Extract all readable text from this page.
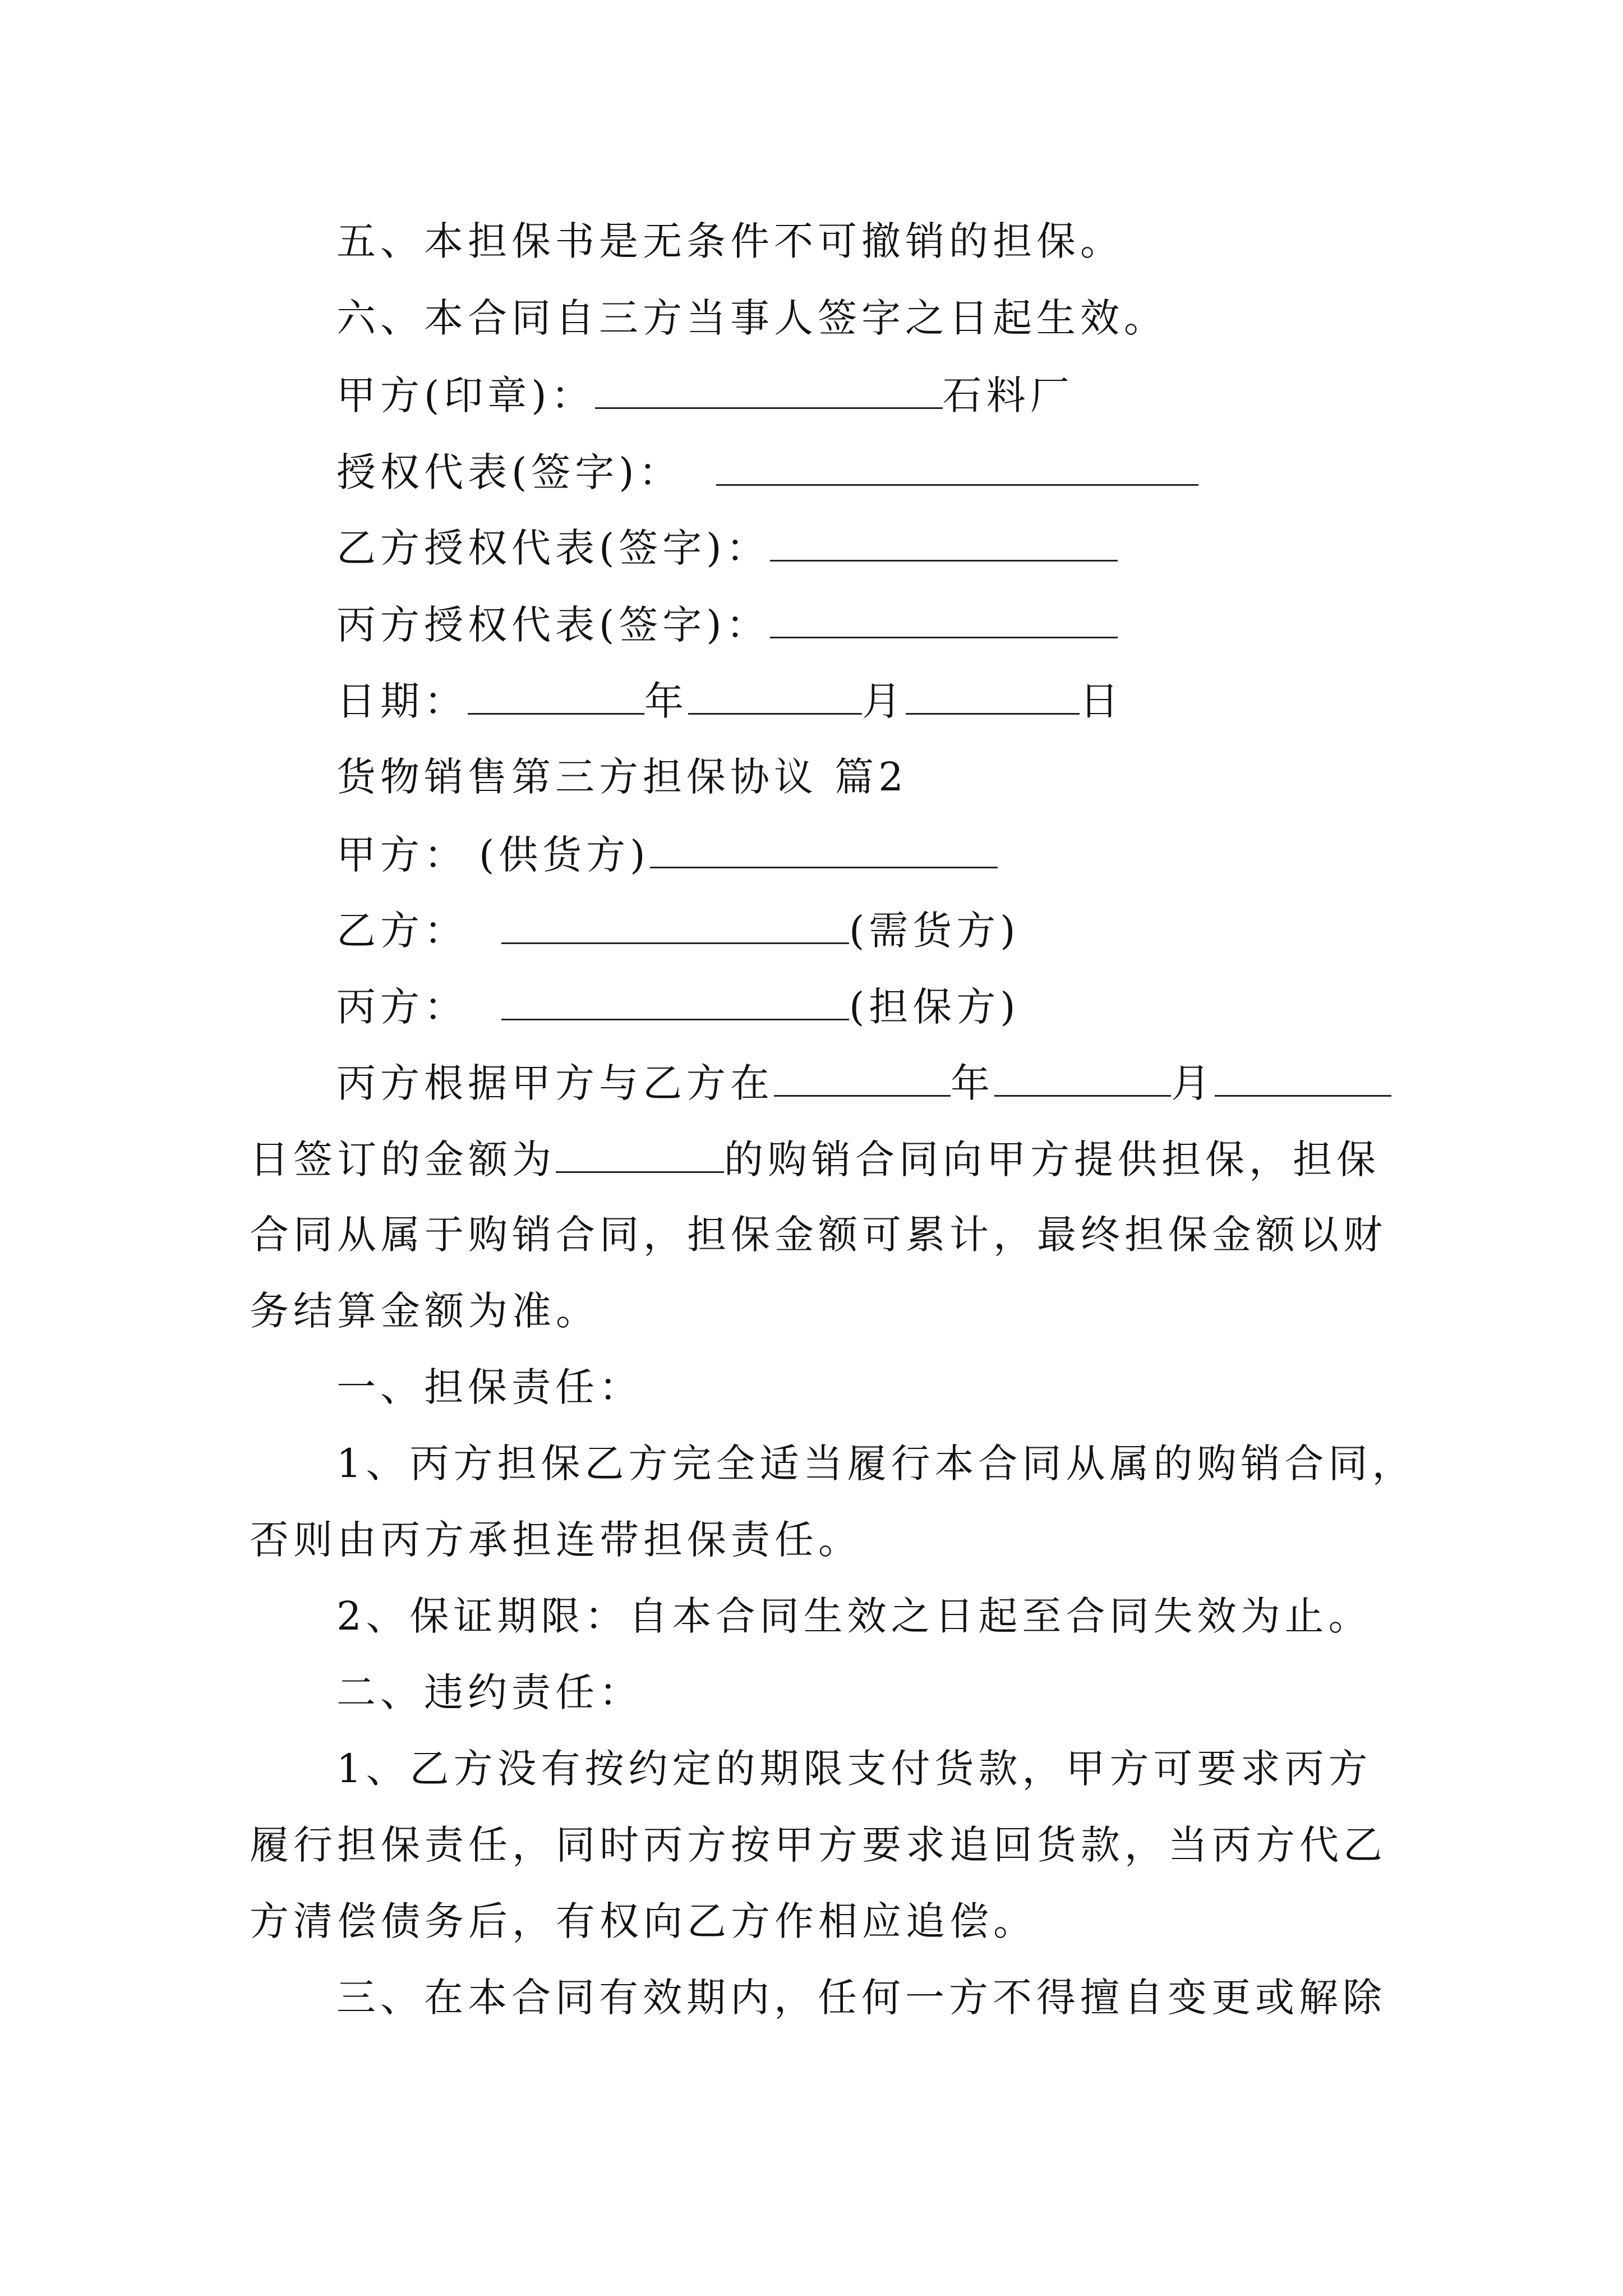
五、本担保书是无条件不可撤销的担保。
六、本合同自三方当事人签字之日起生效。
甲方(印章)：	石料厂
授权代表(签字)：
乙方授权代表(签字)：
丙方授权代表(签字)：
日期：	年	月	日
货物销售第三方担保协议 篇2
甲方： (供货方)
乙方：	(需货方)
丙方：	(担保方)
丙方根据甲方与乙方在	年	月
日签订的金额为	的购销合同向甲方提供担保，担保
合同从属于购销合同，担保金额可累计，最终担保金额以财
务结算金额为准。
一、担保责任：
1、丙方担保乙方完全适当履行本合同从属的购销合同，
否则由丙方承担连带担保责任。
2、保证期限：自本合同生效之日起至合同失效为止。
二、违约责任：
1、乙方没有按约定的期限支付货款，甲方可要求丙方
履行担保责任，同时丙方按甲方要求追回货款，当丙方代乙
方清偿债务后，有权向乙方作相应追偿。
三、在本合同有效期内，任何一方不得擅自变更或解除
